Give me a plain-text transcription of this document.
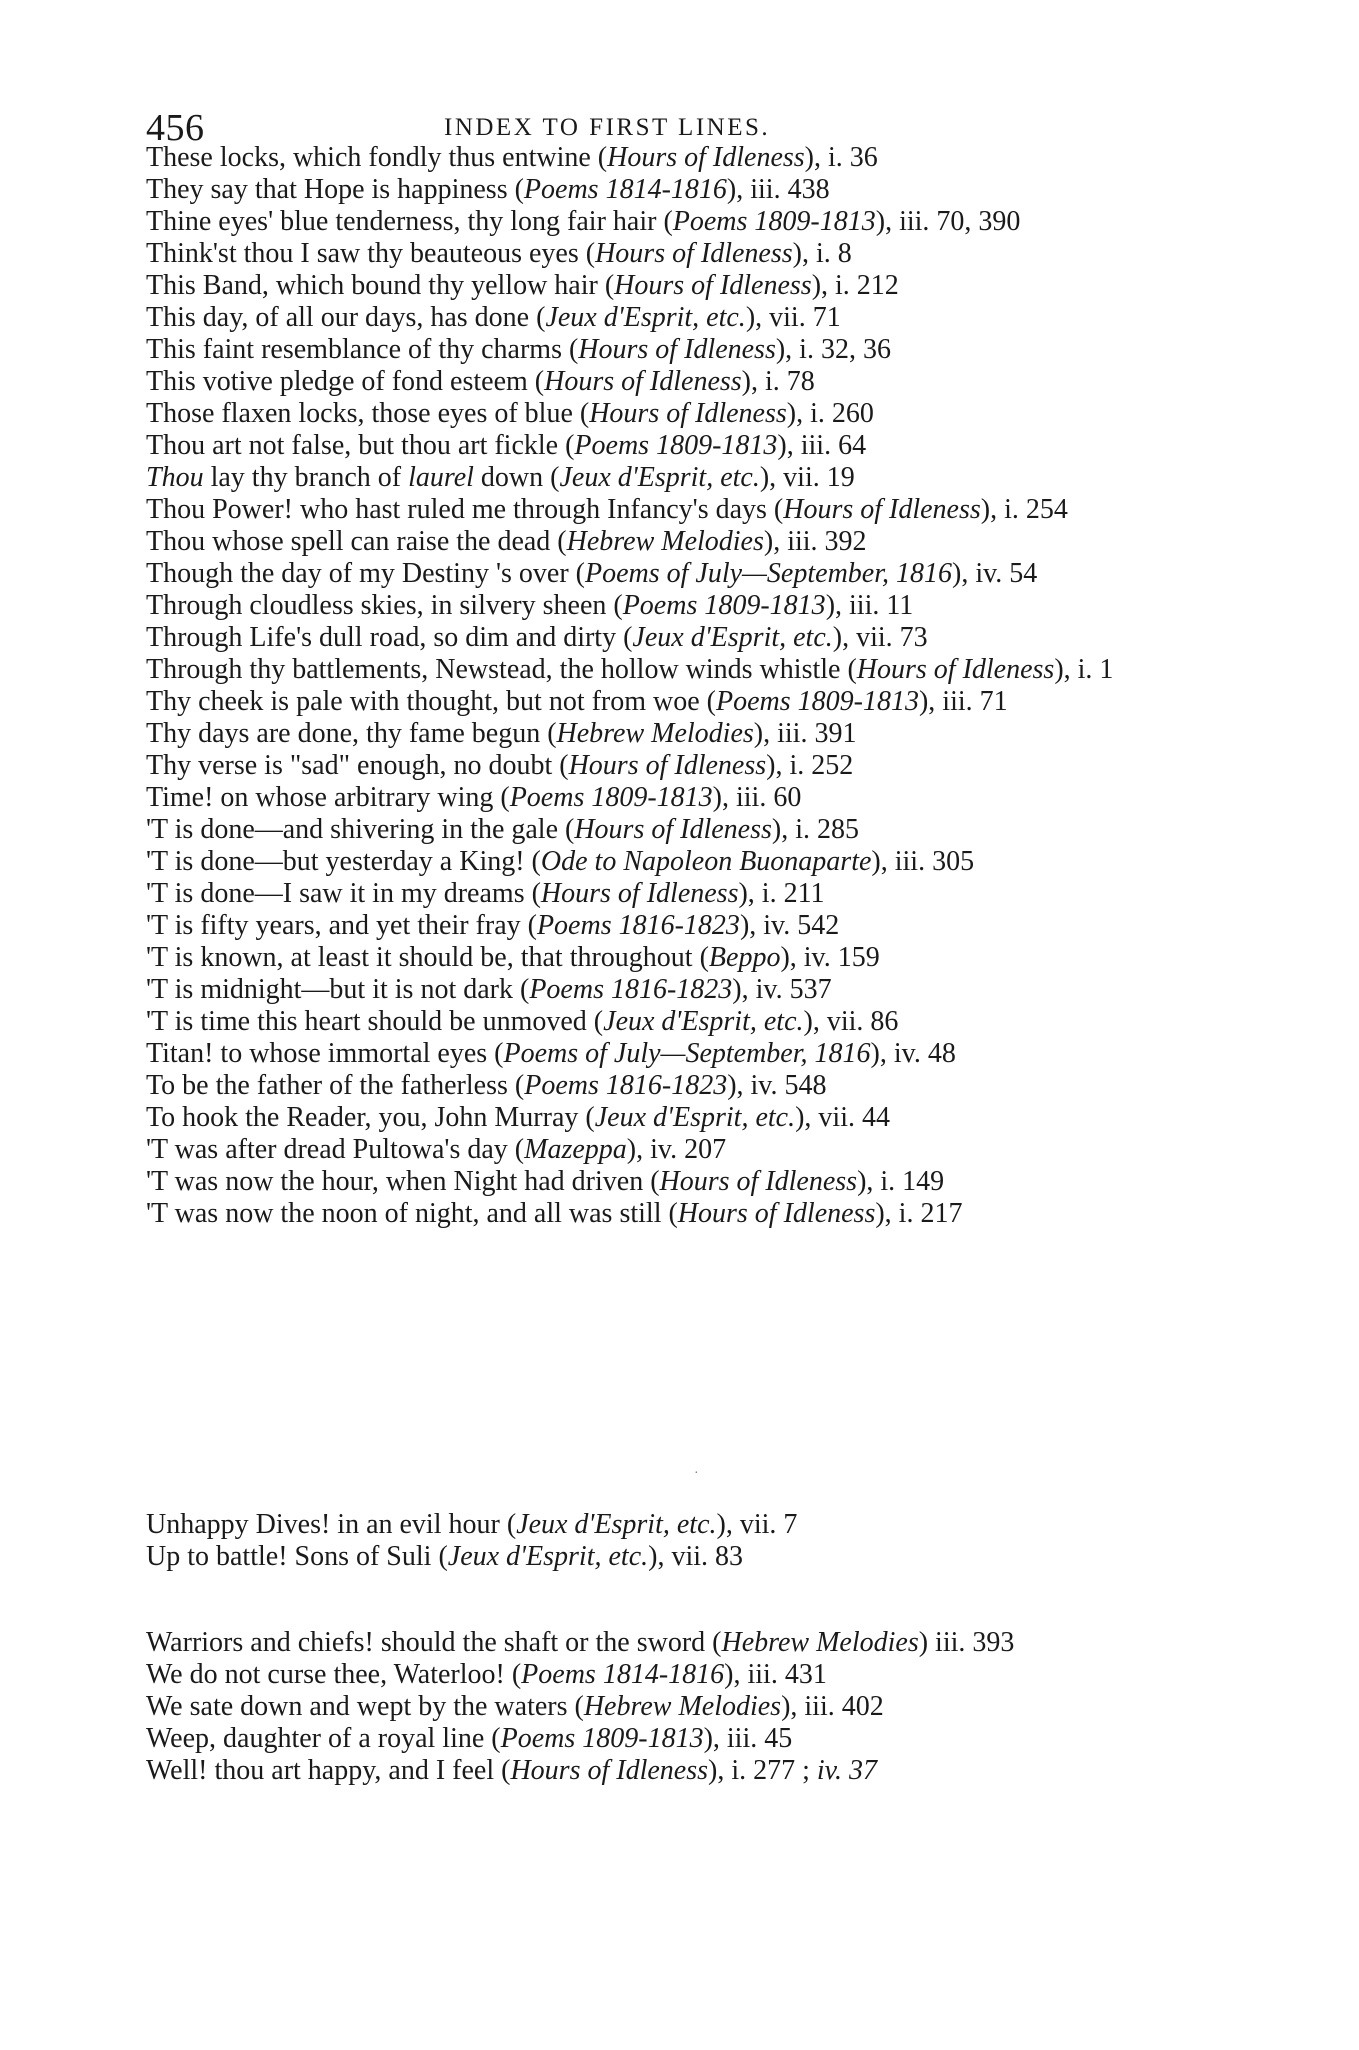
456	INDEX TO FIRST LINES.
These locks, which fondly thus entwine (Hours of Idleness), i. 36
They say that Hope is happiness (Poems 1814-1816), iii. 438
Thine eyes' blue tenderness, thy long fair hair (Poems 1809-1813), iii. 70, 390
Think'st thou I saw thy beauteous eyes (Hours of Idleness), i. 8
This Band, which bound thy yellow hair (Hours of Idleness), i. 212
This day, of all our days, has done (Jeux d'Esprit, etc.), vii. 71
This faint resemblance of thy charms (Hours of Idleness), i. 32, 36
This votive pledge of fond esteem (Hours of Idleness), i. 78
Those flaxen locks, those eyes of blue (Hours of Idleness), i. 260
Thou art not false, but thou art fickle (Poems 1809-1813), iii. 64
Thou lay thy branch of laurel down (Jeux d'Esprit, etc.), vii. 19
Thou Power! who hast ruled me through Infancy's days (Hours of Idleness), i. 254
Thou whose spell can raise the dead (Hebrew Melodies), iii. 392
Though the day of my Destiny 's over (Poems of July—September, 1816), iv. 54
Through cloudless skies, in silvery sheen (Poems 1809-1813), iii. 11
Through Life's dull road, so dim and dirty (Jeux d'Esprit, etc.), vii. 73
Through thy battlements, Newstead, the hollow winds whistle (Hours of Idleness), i. 1
Thy cheek is pale with thought, but not from woe (Poems 1809-1813), iii. 71
Thy days are done, thy fame begun (Hebrew Melodies), iii. 391
Thy verse is "sad" enough, no doubt (Hours of Idleness), i. 252
Time! on whose arbitrary wing (Poems 1809-1813), iii. 60
'T is done—and shivering in the gale (Hours of Idleness), i. 285
'T is done—but yesterday a King! (Ode to Napoleon Buonaparte), iii. 305
'T is done—I saw it in my dreams (Hours of Idleness), i. 211
'T is fifty years, and yet their fray (Poems 1816-1823), iv. 542
'T is known, at least it should be, that throughout (Beppo), iv. 159
'T is midnight—but it is not dark (Poems 1816-1823), iv. 537
'T is time this heart should be unmoved (Jeux d'Esprit, etc.), vii. 86
Titan! to whose immortal eyes (Poems of July—September, 1816), iv. 48
To be the father of the fatherless (Poems 1816-1823), iv. 548
To hook the Reader, you, John Murray (Jeux d'Esprit, etc.), vii. 44
'T was after dread Pultowa's day (Mazeppa), iv. 207
'T was now the hour, when Night had driven (Hours of Idleness), i. 149
'T was now the noon of night, and all was still (Hours of Idleness), i. 217
·
Unhappy Dives! in an evil hour (Jeux d'Esprit, etc.), vii. 7
Up to battle! Sons of Suli (Jeux d'Esprit, etc.), vii. 83
Warriors and chiefs! should the shaft or the sword (Hebrew Melodies) iii. 393
We do not curse thee, Waterloo! (Poems 1814-1816), iii. 431
We sate down and wept by the waters (Hebrew Melodies), iii. 402
Weep, daughter of a royal line (Poems 1809-1813), iii. 45
Well! thou art happy, and I feel (Hours of Idleness), i. 277 ; iv. 37
